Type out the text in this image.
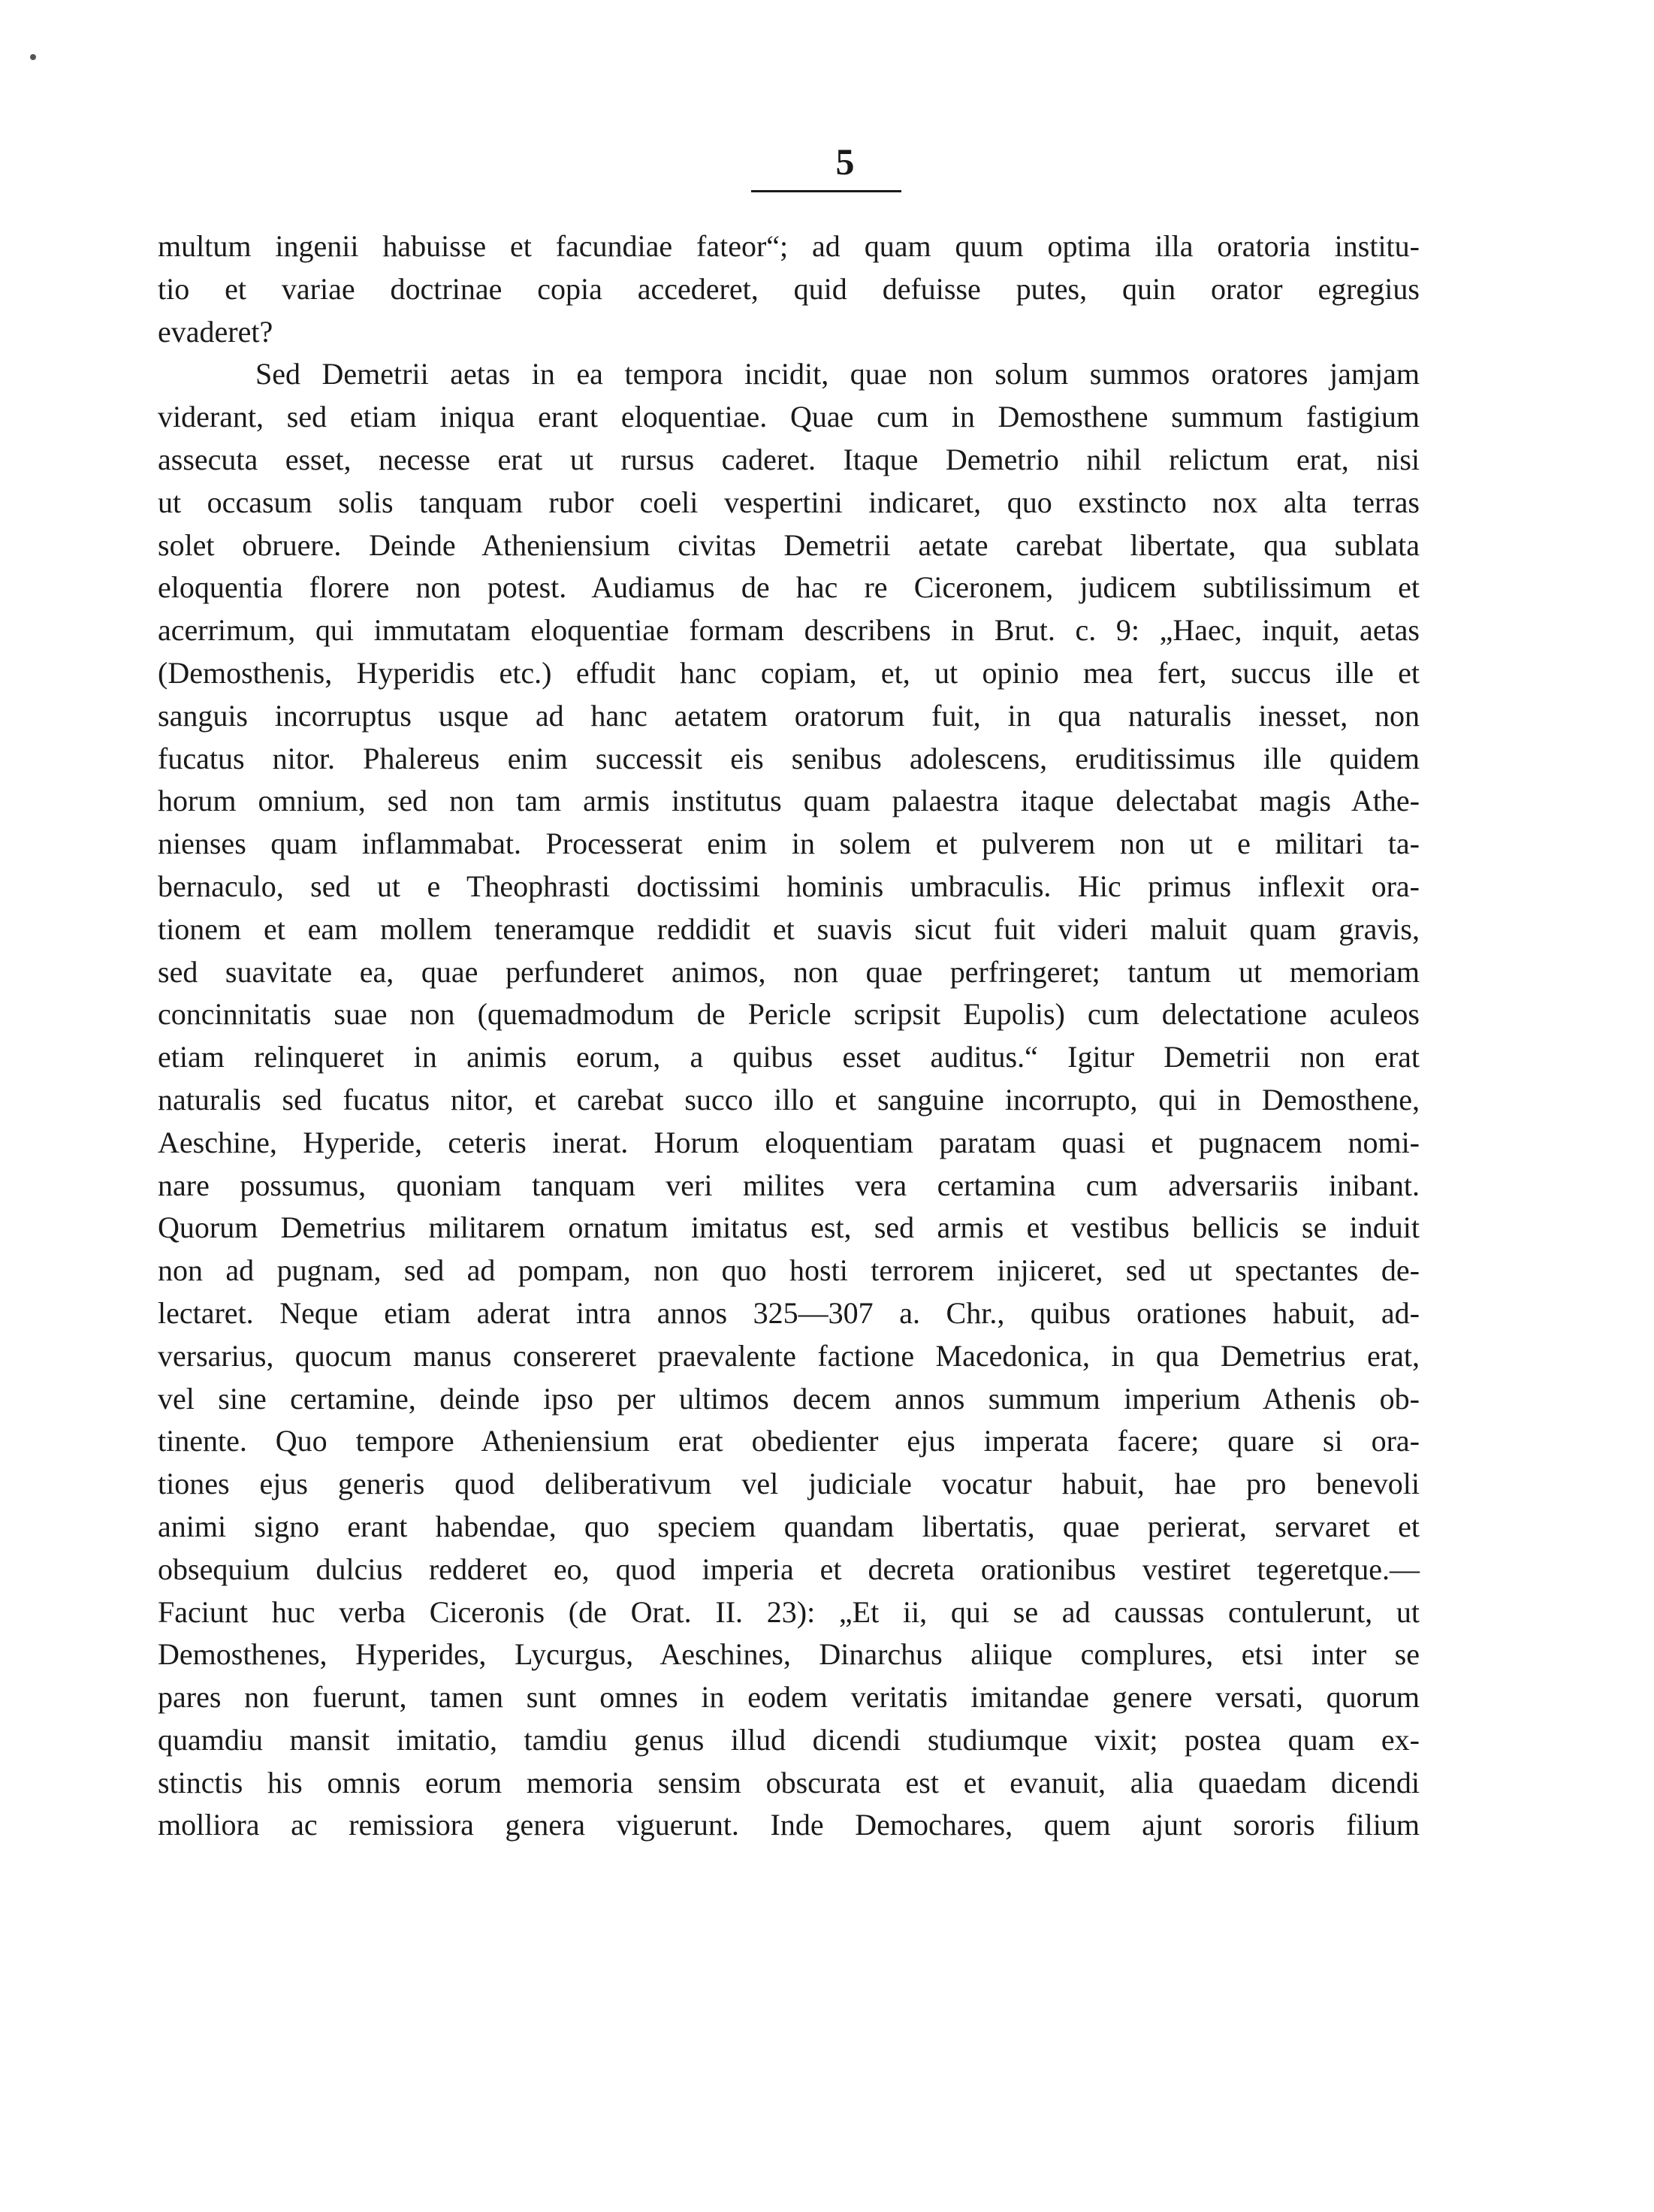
5
multum ingenii habuisse et facundiae fateor“; ad quam quum optima illa oratoria institu-
tio et variae doctrinae copia accederet, quid defuisse putes, quin orator egregius
evaderet?
Sed Demetrii aetas in ea tempora incidit, quae non solum summos oratores jamjam
viderant, sed etiam iniqua erant eloquentiae. Quae cum in Demosthene summum fastigium
assecuta esset, necesse erat ut rursus caderet. Itaque Demetrio nihil relictum erat, nisi
ut occasum solis tanquam rubor coeli vespertini indicaret, quo exstincto nox alta terras
solet obruere. Deinde Atheniensium civitas Demetrii aetate carebat libertate, qua sublata
eloquentia florere non potest. Audiamus de hac re Ciceronem, judicem subtilissimum et
acerrimum, qui immutatam eloquentiae formam describens in Brut. c. 9: „Haec, inquit, aetas
(Demosthenis, Hyperidis etc.) effudit hanc copiam, et, ut opinio mea fert, succus ille et
sanguis incorruptus usque ad hanc aetatem oratorum fuit, in qua naturalis inesset, non
fucatus nitor. Phalereus enim successit eis senibus adolescens, eruditissimus ille quidem
horum omnium, sed non tam armis institutus quam palaestra itaque delectabat magis Athe-
nienses quam inflammabat. Processerat enim in solem et pulverem non ut e militari ta-
bernaculo, sed ut e Theophrasti doctissimi hominis umbraculis. Hic primus inflexit ora-
tionem et eam mollem teneramque reddidit et suavis sicut fuit videri maluit quam gravis,
sed suavitate ea, quae perfunderet animos, non quae perfringeret; tantum ut memoriam
concinnitatis suae non (quemadmodum de Pericle scripsit Eupolis) cum delectatione aculeos
etiam relinqueret in animis eorum, a quibus esset auditus.“ Igitur Demetrii non erat
naturalis sed fucatus nitor, et carebat succo illo et sanguine incorrupto, qui in Demosthene,
Aeschine, Hyperide, ceteris inerat. Horum eloquentiam paratam quasi et pugnacem nomi-
nare possumus, quoniam tanquam veri milites vera certamina cum adversariis inibant.
Quorum Demetrius militarem ornatum imitatus est, sed armis et vestibus bellicis se induit
non ad pugnam, sed ad pompam, non quo hosti terrorem injiceret, sed ut spectantes de-
lectaret. Neque etiam aderat intra annos 325—307 a. Chr., quibus orationes habuit, ad-
versarius, quocum manus consereret praevalente factione Macedonica, in qua Demetrius erat,
vel sine certamine, deinde ipso per ultimos decem annos summum imperium Athenis ob-
tinente. Quo tempore Atheniensium erat obedienter ejus imperata facere; quare si ora-
tiones ejus generis quod deliberativum vel judiciale vocatur habuit, hae pro benevoli
animi signo erant habendae, quo speciem quandam libertatis, quae perierat, servaret et
obsequium dulcius redderet eo, quod imperia et decreta orationibus vestiret tegeretque.—
Faciunt huc verba Ciceronis (de Orat. II. 23): „Et ii, qui se ad caussas contulerunt, ut
Demosthenes, Hyperides, Lycurgus, Aeschines, Dinarchus aliique complures, etsi inter se
pares non fuerunt, tamen sunt omnes in eodem veritatis imitandae genere versati, quorum
quamdiu mansit imitatio, tamdiu genus illud dicendi studiumque vixit; postea quam ex-
stinctis his omnis eorum memoria sensim obscurata est et evanuit, alia quaedam dicendi
molliora ac remissiora genera viguerunt. Inde Demochares, quem ajunt sororis filium
